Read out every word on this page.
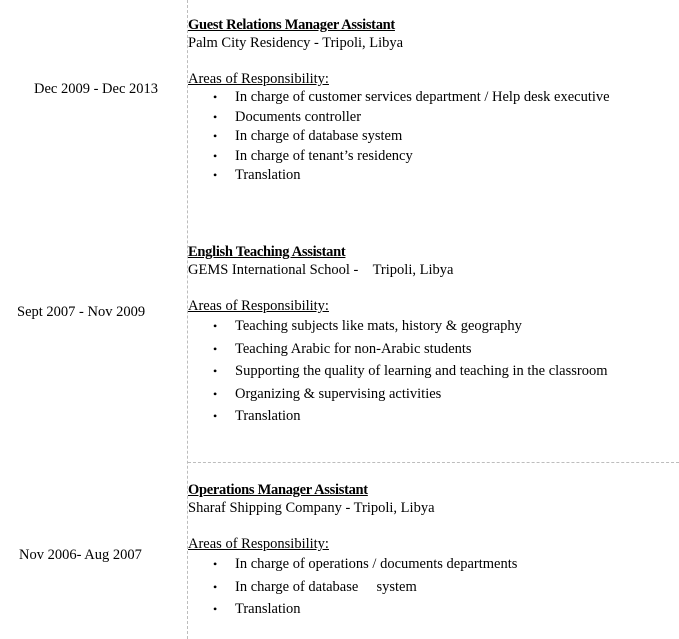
Dec 2009 - Dec 2013
Guest Relations Manager Assistant
Palm City Residency - Tripoli, Libya
Areas of Responsibility:
• In charge of customer services department / Help desk executive
• Documents controller
• In charge of database system
• In charge of tenant’s residency
• Translation
Sept 2007 - Nov 2009
English Teaching Assistant
GEMS International School -    Tripoli, Libya
Areas of Responsibility:
• Teaching subjects like mats, history & geography
• Teaching Arabic for non-Arabic students
• Supporting the quality of learning and teaching in the classroom
• Organizing & supervising activities
• Translation
Nov 2006- Aug 2007
Operations Manager Assistant
Sharaf Shipping Company - Tripoli, Libya
Areas of Responsibility:
• In charge of operations / documents departments
• In charge of database     system
• Translation
